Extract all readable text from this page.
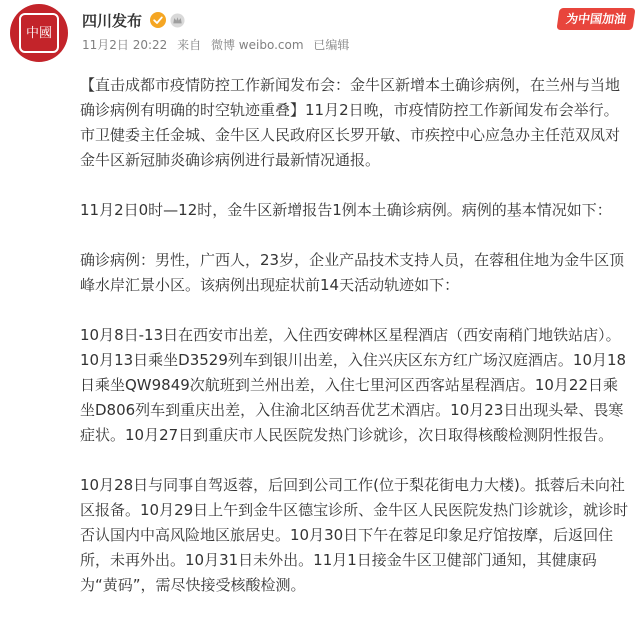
中國
四川发布
11月2日 20:22 来自 微博 weibo.com 已编辑
为中国加油

【直击成都市疫情防控工作新闻发布会：金牛区新增本土确诊病例，在兰州与当地确诊病例有明确的时空轨迹重叠】11月2日晚，市疫情防控工作新闻发布会举行。市卫健委主任金城、金牛区人民政府区长罗开敏、市疾控中心应急办主任范双凤对金牛区新冠肺炎确诊病例进行最新情况通报。

11月2日0时—12时，金牛区新增报告1例本土确诊病例。病例的基本情况如下：

确诊病例：男性，广西人，23岁，企业产品技术支持人员，在蓉租住地为金牛区顶峰水岸汇景小区。该病例出现症状前14天活动轨迹如下：

10月8日-13日在西安市出差，入住西安碑林区星程酒店（西安南稍门地铁站店）。10月13日乘坐D3529列车到银川出差，入住兴庆区东方红广场汉庭酒店。10月18日乘坐QW9849次航班到兰州出差，入住七里河区西客站星程酒店。10月22日乘坐D806列车到重庆出差，入住渝北区纳吾优艺术酒店。10月23日出现头晕、畏寒症状。10月27日到重庆市人民医院发热门诊就诊，次日取得核酸检测阴性报告。

10月28日与同事自驾返蓉，后回到公司工作(位于梨花街电力大楼)。抵蓉后未向社区报备。10月29日上午到金牛区德宝诊所、金牛区人民医院发热门诊就诊，就诊时否认国内中高风险地区旅居史。10月30日下午在蓉足印象足疗馆按摩，后返回住所，未再外出。10月31日未外出。11月1日接金牛区卫健部门通知，其健康码为“黄码”，需尽快接受核酸检测。
